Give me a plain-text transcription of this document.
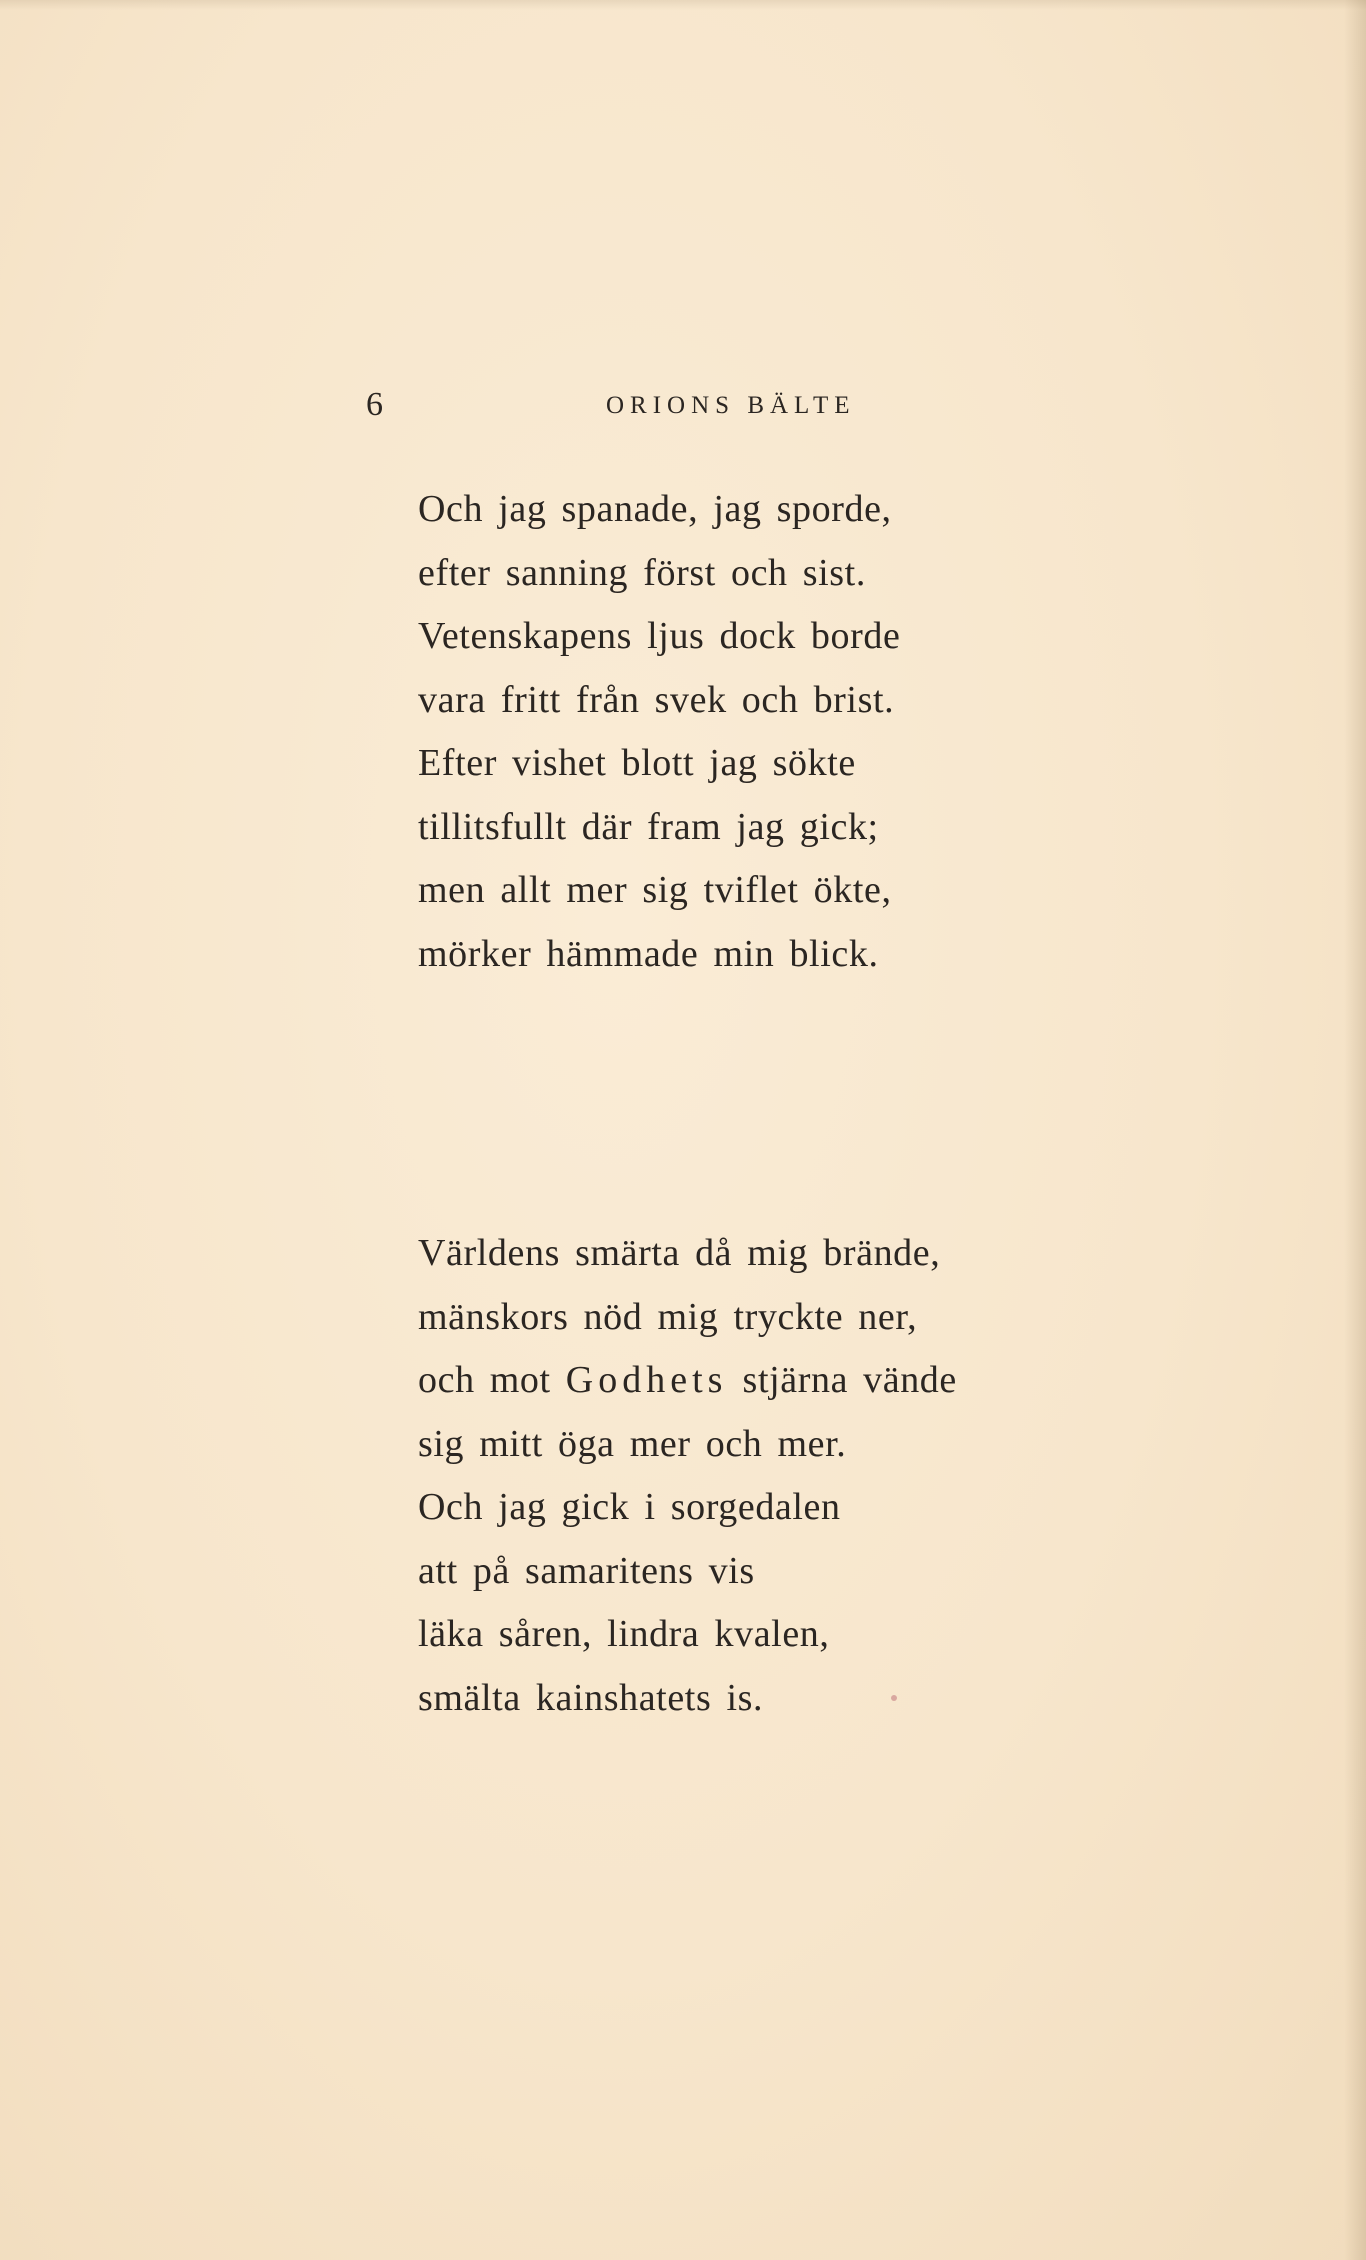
6	ORIONS BÄLTE
Och jag spanade, jag sporde,
efter sanning först och sist.
Vetenskapens ljus dock borde
vara fritt från svek och brist.
Efter vishet blott jag sökte
tillitsfullt där fram jag gick;
men allt mer sig tviflet ökte,
mörker hämmade min blick.
Världens smärta då mig brände,
mänskors nöd mig tryckte ner,
och mot Godhets stjärna vände
sig mitt öga mer och mer.
Och jag gick i sorgedalen
att på samaritens vis
läka såren, lindra kvalen,
smälta kainshatets is.
